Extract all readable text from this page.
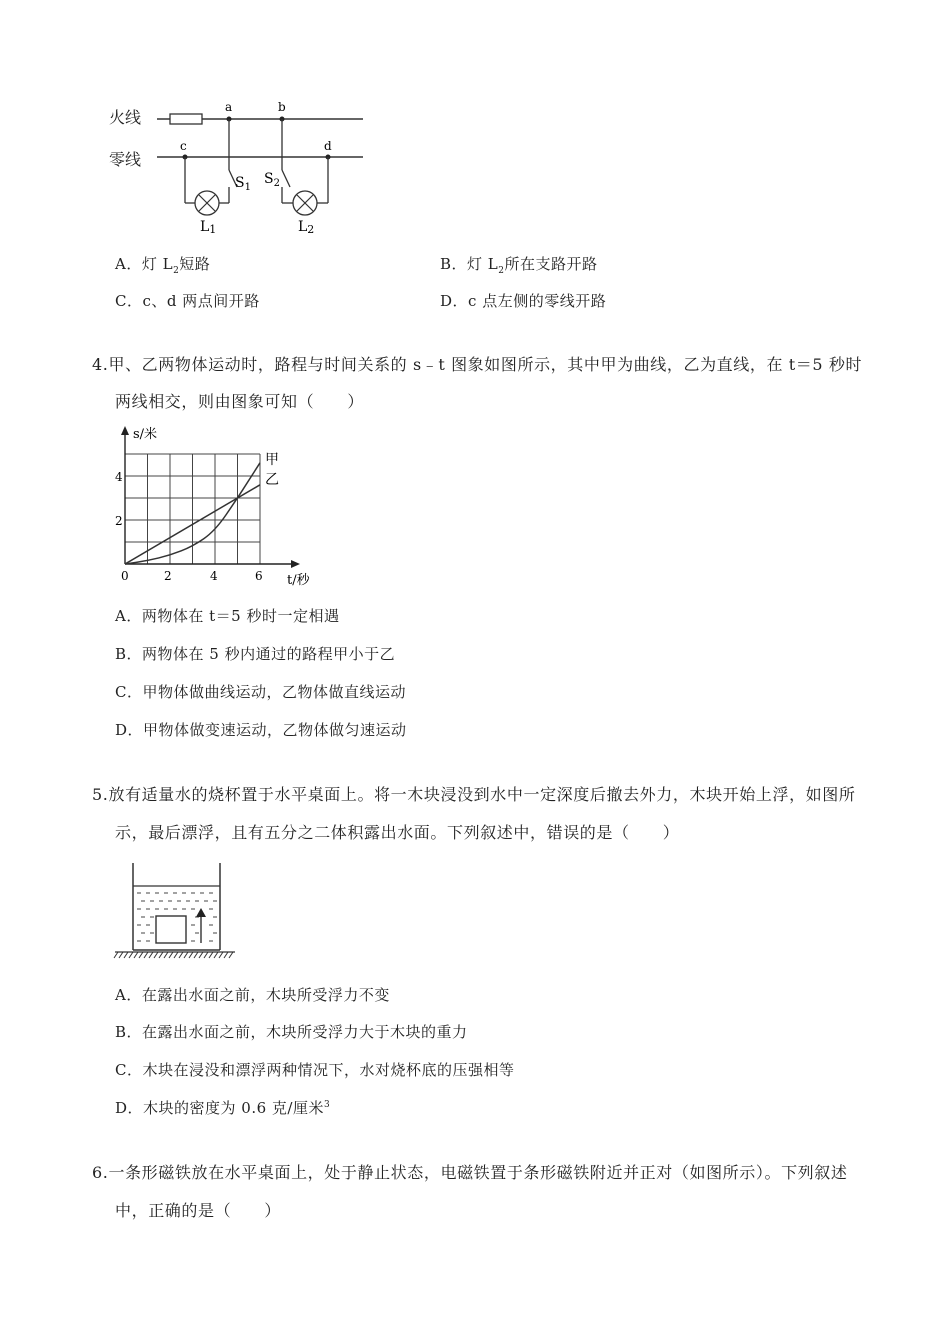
火线
零线
a	b
c	d
$S_1$
L1
$S_2$
L2
A．灯 $L_2$短路	B．灯 $L_2$所在支路开路
C．c、d 两点间开路	D．c 点左侧的零线开路
4.甲、乙两物体运动时，路程与时间关系的 s﹣t 图象如图所示，其中甲为曲线，乙为直线，在 t＝5 秒时
两线相交，则由图象可知（　　）
s/米
t/秒
0	2	4	6
2
4
甲
乙
A．两物体在 t＝5 秒时一定相遇
B．两物体在 5 秒内通过的路程甲小于乙
C．甲物体做曲线运动，乙物体做直线运动
D．甲物体做变速运动，乙物体做匀速运动
5.放有适量水的烧杯置于水平桌面上。将一木块浸没到水中一定深度后撤去外力，木块开始上浮，如图所
示，最后漂浮，且有五分之二体积露出水面。下列叙述中，错误的是（　　）
A．在露出水面之前，木块所受浮力不变
B．在露出水面之前，木块所受浮力大于木块的重力
C．木块在浸没和漂浮两种情况下，水对烧杯底的压强相等
D．木块的密度为 0.6 克/厘米$^3$
6.一条形磁铁放在水平桌面上，处于静止状态，电磁铁置于条形磁铁附近并正对（如图所示）。下列叙述
中，正确的是（　　）
